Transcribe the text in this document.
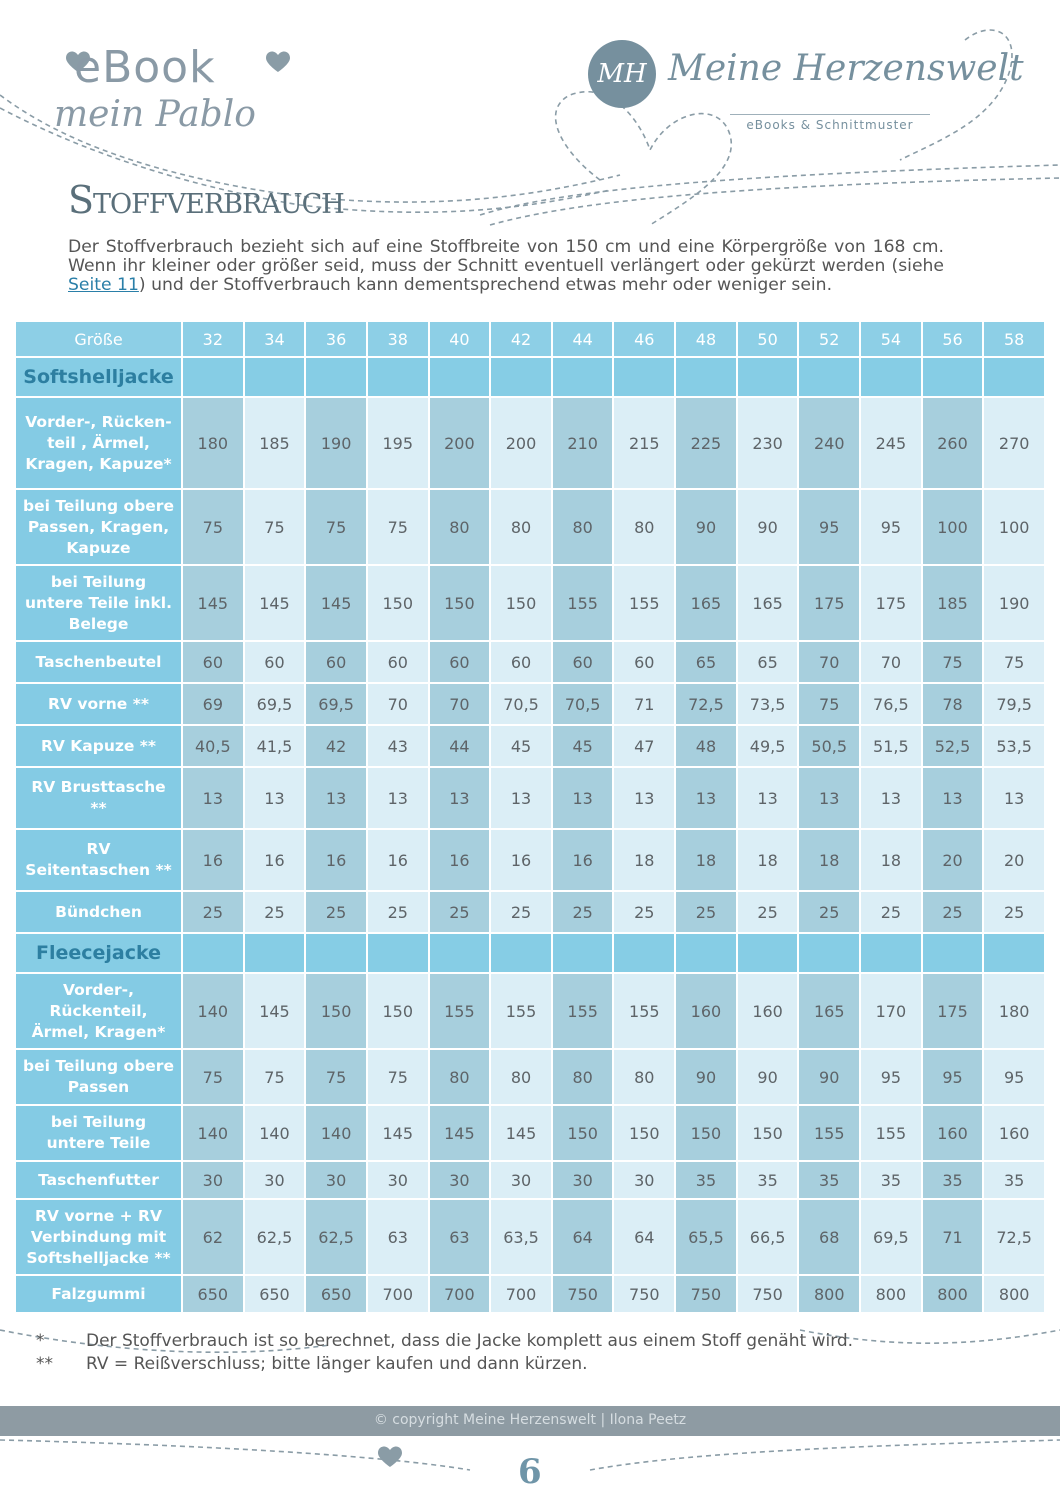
eBook
mein Pablo
MH Meine Herzenswelt
eBooks & Schnittmuster
Stoffverbrauch
Der Stoffverbrauch bezieht sich auf eine Stoffbreite von 150 cm und eine Körpergröße von 168 cm. Wenn ihr kleiner oder größer seid, muss der Schnitt eventuell verlängert oder gekürzt werden (siehe Seite 11) und der Stoffverbrauch kann dementsprechend etwas mehr oder weniger sein.
Größe	32	34	36	38	40	42	44	46	48	50	52	54	56	58
Softshelljacke														
Vorder-, Rücken-teil , Ärmel, Kragen, Kapuze*	180	185	190	195	200	200	210	215	225	230	240	245	260	270
bei Teilung obere Passen, Kragen, Kapuze	75	75	75	75	80	80	80	80	90	90	95	95	100	100
bei Teilung untere Teile inkl. Belege	145	145	145	150	150	150	155	155	165	165	175	175	185	190
Taschenbeutel	60	60	60	60	60	60	60	60	65	65	70	70	75	75
RV vorne **	69	69,5	69,5	70	70	70,5	70,5	71	72,5	73,5	75	76,5	78	79,5
RV Kapuze **	40,5	41,5	42	43	44	45	45	47	48	49,5	50,5	51,5	52,5	53,5
RV Brusttasche **	13	13	13	13	13	13	13	13	13	13	13	13	13	13
RV Seitentaschen **	16	16	16	16	16	16	16	18	18	18	18	18	20	20
Bündchen	25	25	25	25	25	25	25	25	25	25	25	25	25	25
Fleecejacke														
Vorder-, Rückenteil, Ärmel, Kragen*	140	145	150	150	155	155	155	155	160	160	165	170	175	180
bei Teilung obere Passen	75	75	75	75	80	80	80	80	90	90	90	95	95	95
bei Teilung untere Teile	140	140	140	145	145	145	150	150	150	150	155	155	160	160
Taschenfutter	30	30	30	30	30	30	30	30	35	35	35	35	35	35
RV vorne + RV Verbindung mit Softshelljacke **	62	62,5	62,5	63	63	63,5	64	64	65,5	66,5	68	69,5	71	72,5
Falzgummi	650	650	650	700	700	700	750	750	750	750	800	800	800	800
* Der Stoffverbrauch ist so berechnet, dass die Jacke komplett aus einem Stoff genäht wird.
** RV = Reißverschluss; bitte länger kaufen und dann kürzen.
© copyright Meine Herzenswelt | Ilona Peetz
6
